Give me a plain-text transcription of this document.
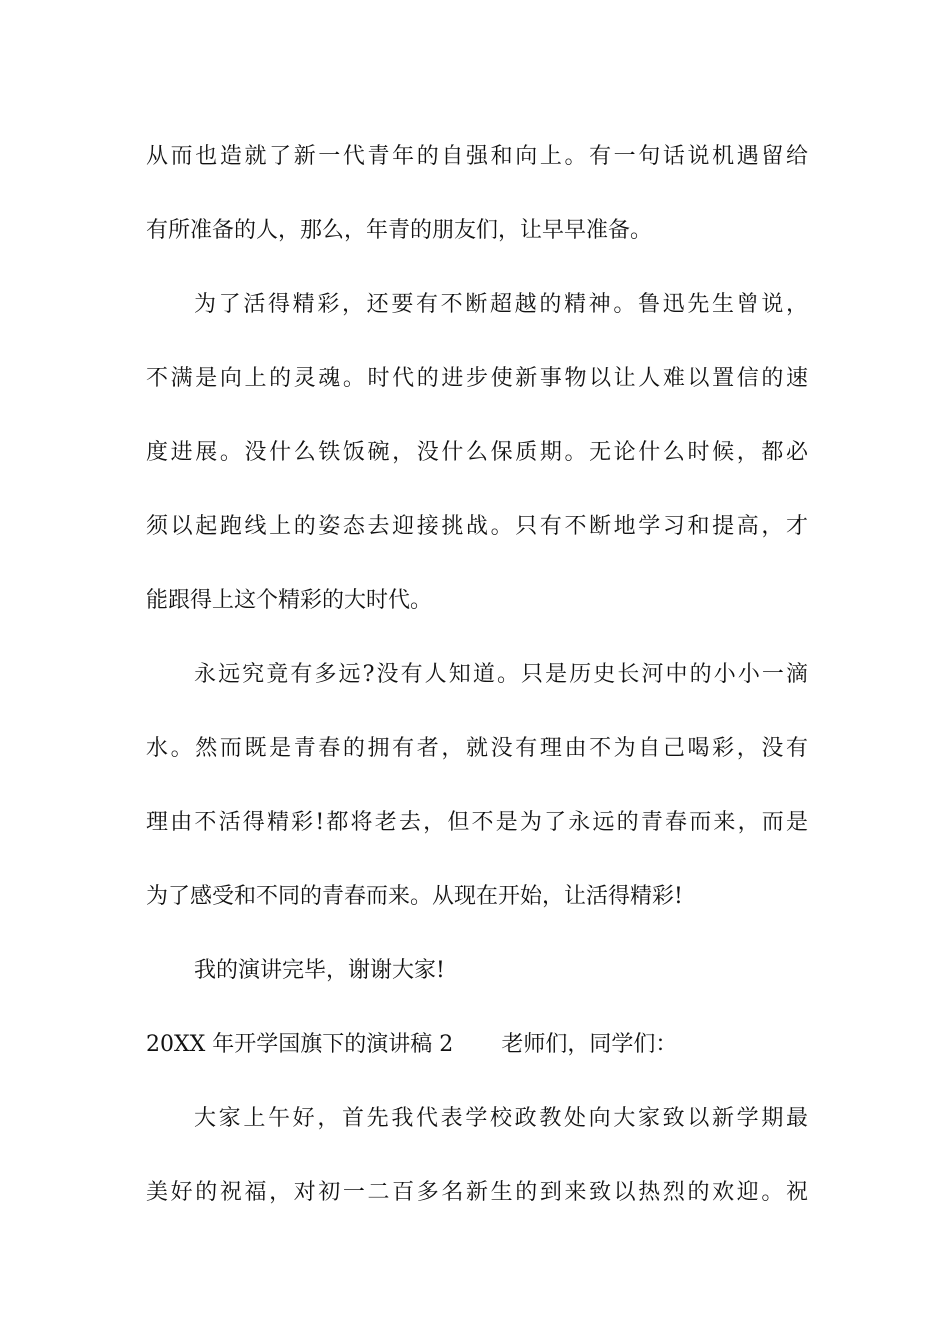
从而也造就了新一代青年的自强和向上。有一句话说机遇留给
有所准备的人，那么，年青的朋友们，让早早准备。
为了活得精彩，还要有不断超越的精神。鲁迅先生曾说，
不满是向上的灵魂。时代的进步使新事物以让人难以置信的速
度进展。没什么铁饭碗，没什么保质期。无论什么时候，都必
须以起跑线上的姿态去迎接挑战。只有不断地学习和提高，才
能跟得上这个精彩的大时代。
永远究竟有多远?没有人知道。只是历史长河中的小小一滴
水。然而既是青春的拥有者，就没有理由不为自己喝彩，没有
理由不活得精彩!都将老去，但不是为了永远的青春而来，而是
为了感受和不同的青春而来。从现在开始，让活得精彩!
我的演讲完毕，谢谢大家!
20XX 年开学国旗下的演讲稿 2 老师们，同学们：
大家上午好，首先我代表学校政教处向大家致以新学期最
美好的祝福，对初一二百多名新生的到来致以热烈的欢迎。祝
